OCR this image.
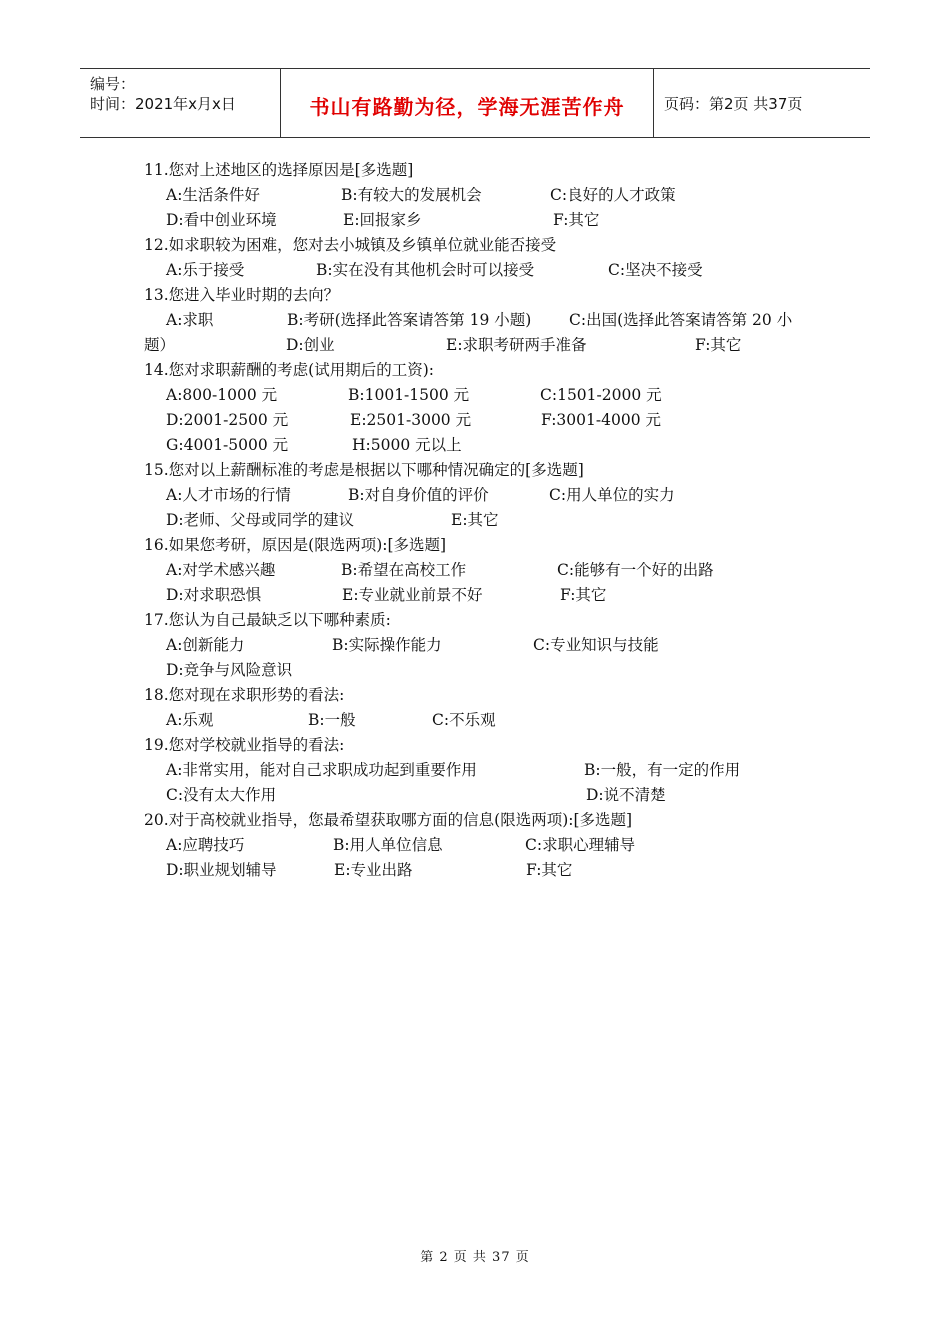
编号：
时间：2021年x月x日	书山有路勤为径，学海无涯苦作舟	页码：第2页 共37页
11.您对上述地区的选择原因是[多选题]
A:生活条件好	B:有较大的发展机会	C:良好的人才政策
D:看中创业环境	E:回报家乡	F:其它
12.如求职较为困难，您对去小城镇及乡镇单位就业能否接受
A:乐于接受	B:实在没有其他机会时可以接受	C:坚决不接受
13.您进入毕业时期的去向？
A:求职	B:考研(选择此答案请答第 19 小题) C:出国(选择此答案请答第 20 小
题）	D:创业	E:求职考研两手准备	F:其它
14.您对求职薪酬的考虑(试用期后的工资):
A:800-1000 元	B:1001-1500 元	C:1501-2000 元
D:2001-2500 元	E:2501-3000 元	F:3001-4000 元
G:4001-5000 元	H:5000 元以上
15.您对以上薪酬标准的考虑是根据以下哪种情况确定的[多选题]
A:人才市场的行情	B:对自身价值的评价	C:用人单位的实力
D:老师、父母或同学的建议	E:其它
16.如果您考研，原因是(限选两项):[多选题]
A:对学术感兴趣	B:希望在高校工作	C:能够有一个好的出路
D:对求职恐惧	E:专业就业前景不好	F:其它
17.您认为自己最缺乏以下哪种素质:
A:创新能力	B:实际操作能力	C:专业知识与技能
D:竞争与风险意识
18.您对现在求职形势的看法:
A:乐观	B:一般	C:不乐观
19.您对学校就业指导的看法:
A:非常实用，能对自己求职成功起到重要作用	B:一般，有一定的作用
C:没有太大作用	D:说不清楚
20.对于高校就业指导，您最希望获取哪方面的信息(限选两项):[多选题]
A:应聘技巧	B:用人单位信息	C:求职心理辅导
D:职业规划辅导	E:专业出路	F:其它
第 2 页 共 37 页
